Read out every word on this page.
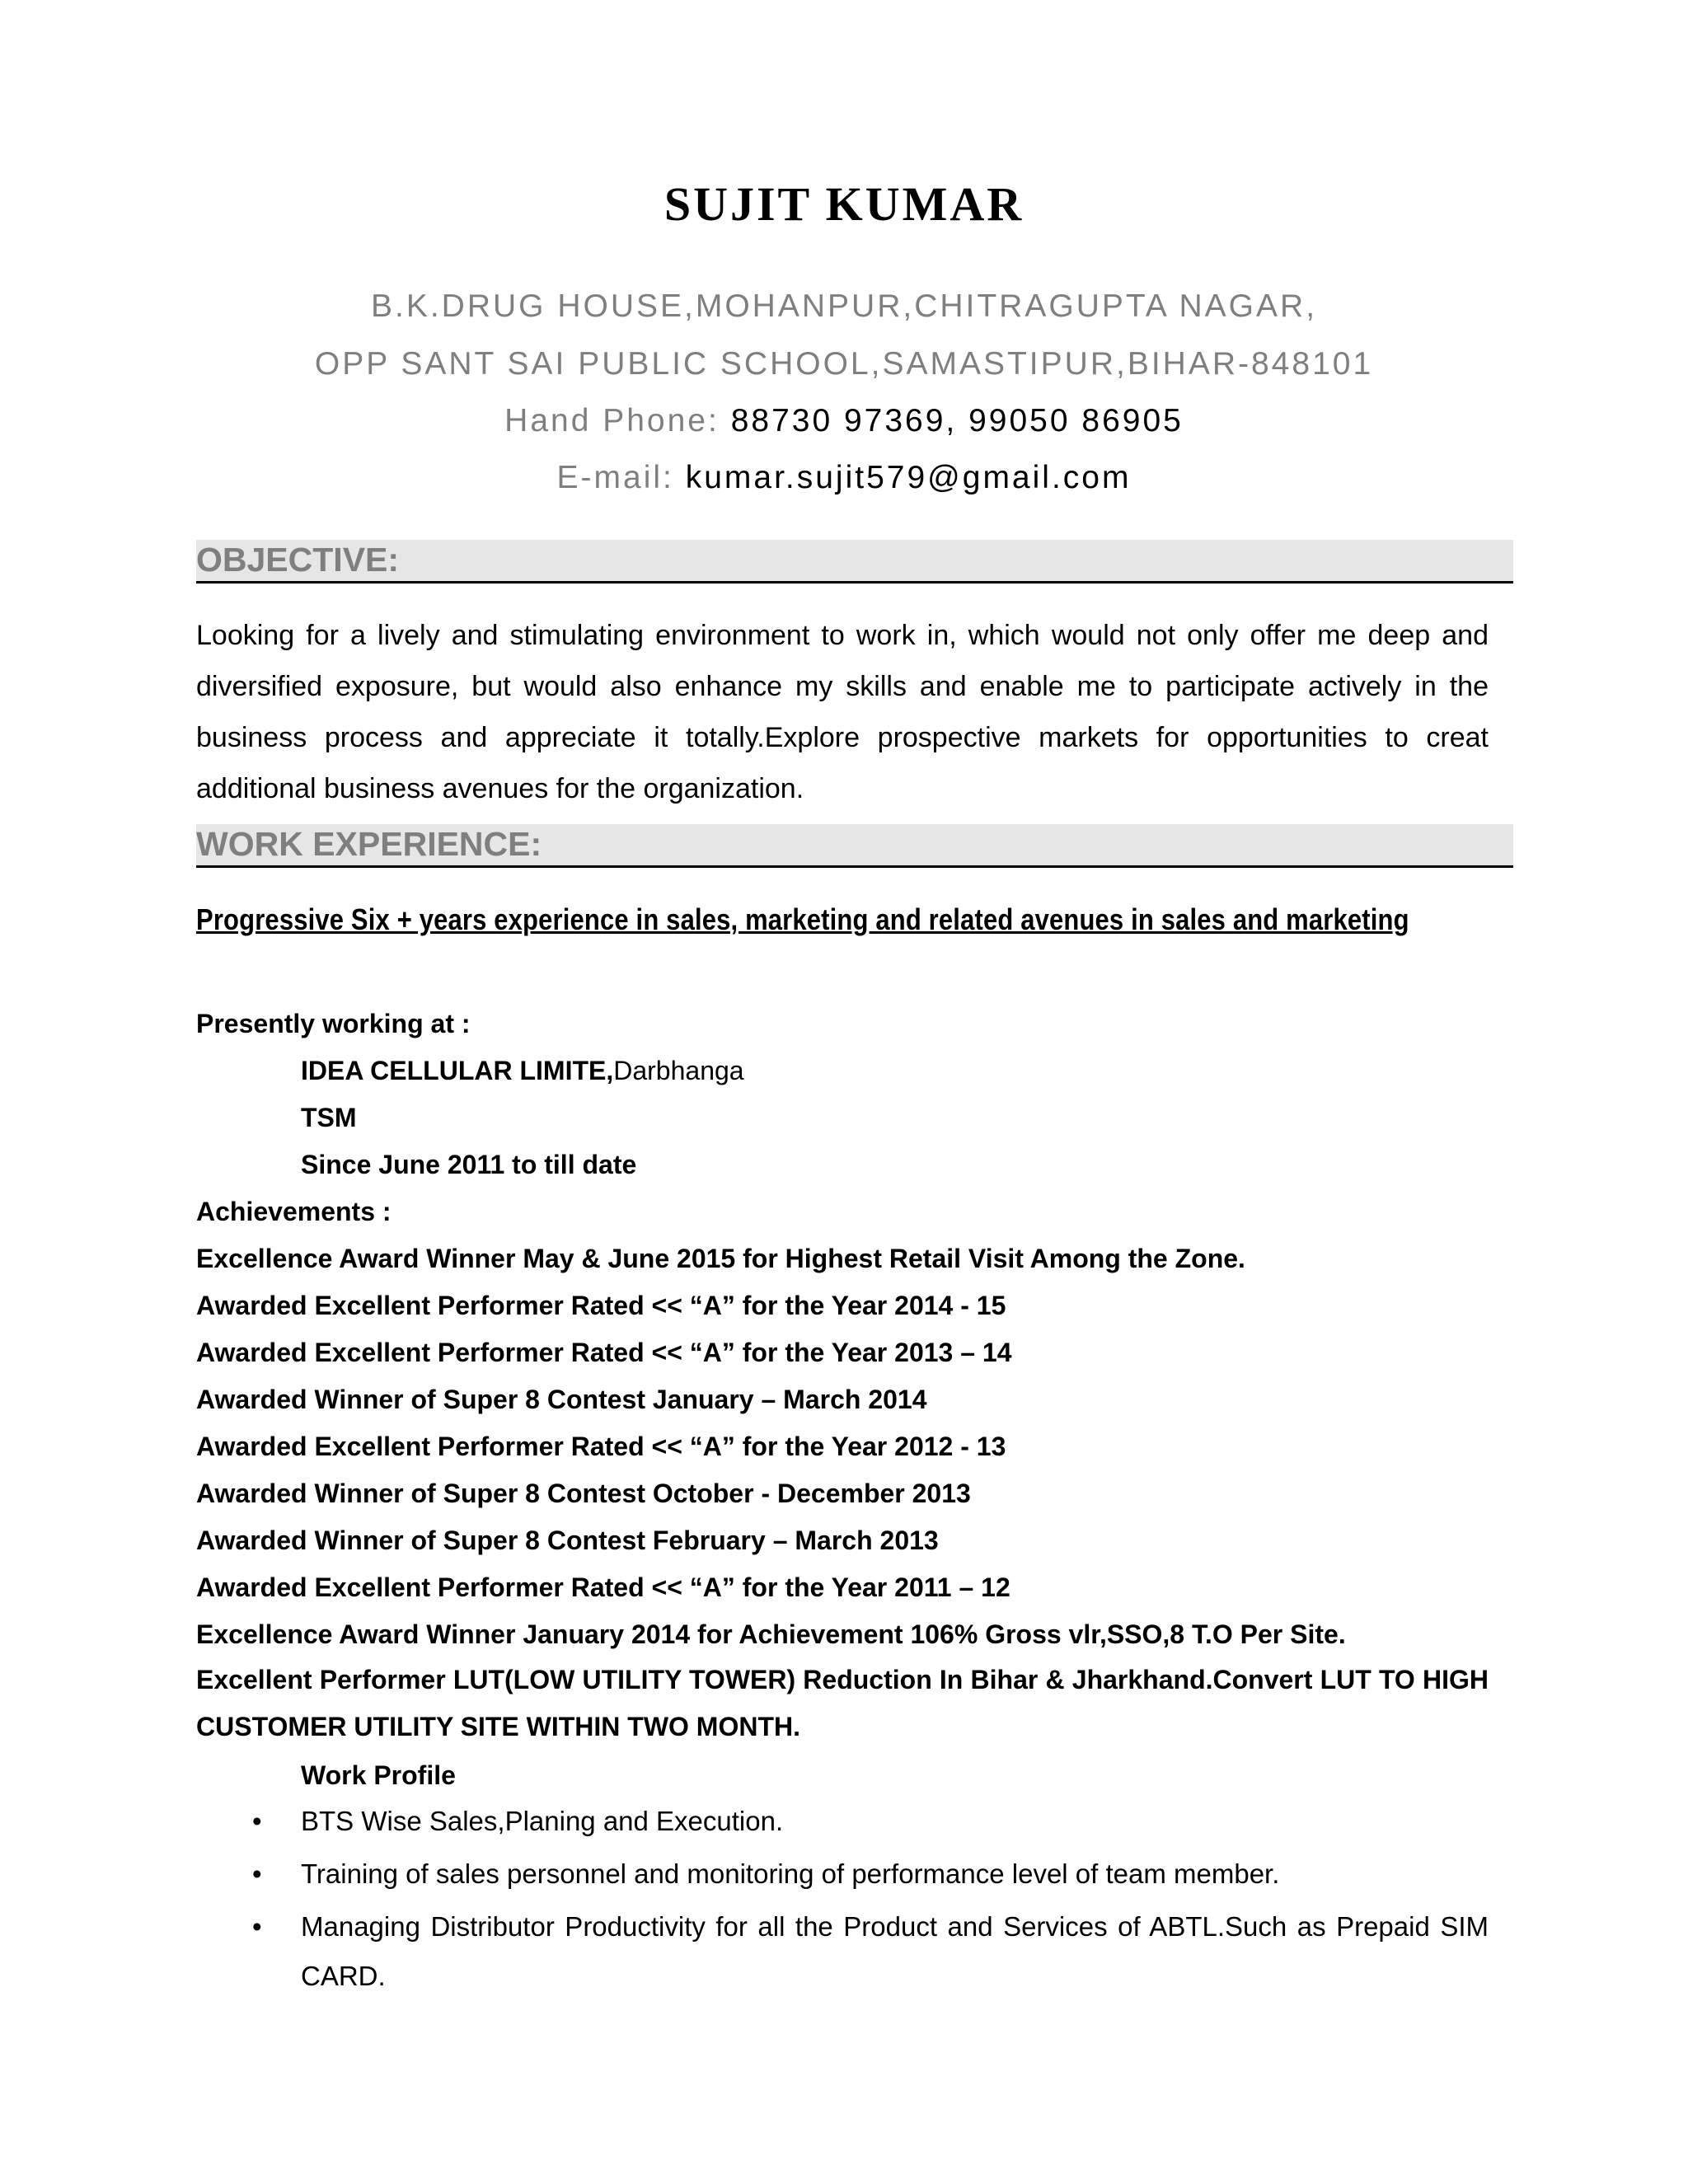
SUJIT KUMAR
B.K.DRUG HOUSE,MOHANPUR,CHITRAGUPTA NAGAR,
OPP SANT SAI PUBLIC SCHOOL,SAMASTIPUR,BIHAR-848101
Hand Phone: 88730 97369, 99050 86905
E-mail: kumar.sujit579@gmail.com
OBJECTIVE:
Looking for a lively and stimulating environment to work in, which would not only offer me deep and diversified exposure, but would also enhance my skills and enable me to participate actively in the business process and appreciate it totally.Explore prospective markets for opportunities to creat additional business avenues for the organization.
WORK EXPERIENCE:
Progressive Six + years experience in sales, marketing and related avenues in sales and marketing
Presently working at :
IDEA CELLULAR LIMITE,Darbhanga
TSM
Since June 2011 to till date
Achievements :
Excellence Award Winner May & June 2015 for Highest Retail Visit Among the Zone.
Awarded Excellent Performer Rated << “A” for the Year 2014 - 15
Awarded Excellent Performer Rated << “A” for the Year 2013 – 14
Awarded Winner of Super 8 Contest January – March 2014
Awarded Excellent Performer Rated << “A” for the Year 2012 - 13
Awarded Winner of Super 8 Contest October - December 2013
Awarded Winner of Super 8 Contest February – March 2013
Awarded Excellent Performer Rated << “A” for the Year 2011 – 12
Excellence Award Winner January 2014 for Achievement 106% Gross vlr,SSO,8 T.O Per Site.
Excellent Performer LUT(LOW UTILITY TOWER) Reduction In Bihar & Jharkhand.Convert LUT TO HIGH CUSTOMER UTILITY SITE WITHIN TWO MONTH.
Work Profile
• BTS Wise Sales,Planing and Execution.
• Training of sales personnel and monitoring of performance level of team member.
• Managing Distributor Productivity for all the Product and Services of ABTL.Such as Prepaid SIM CARD.
